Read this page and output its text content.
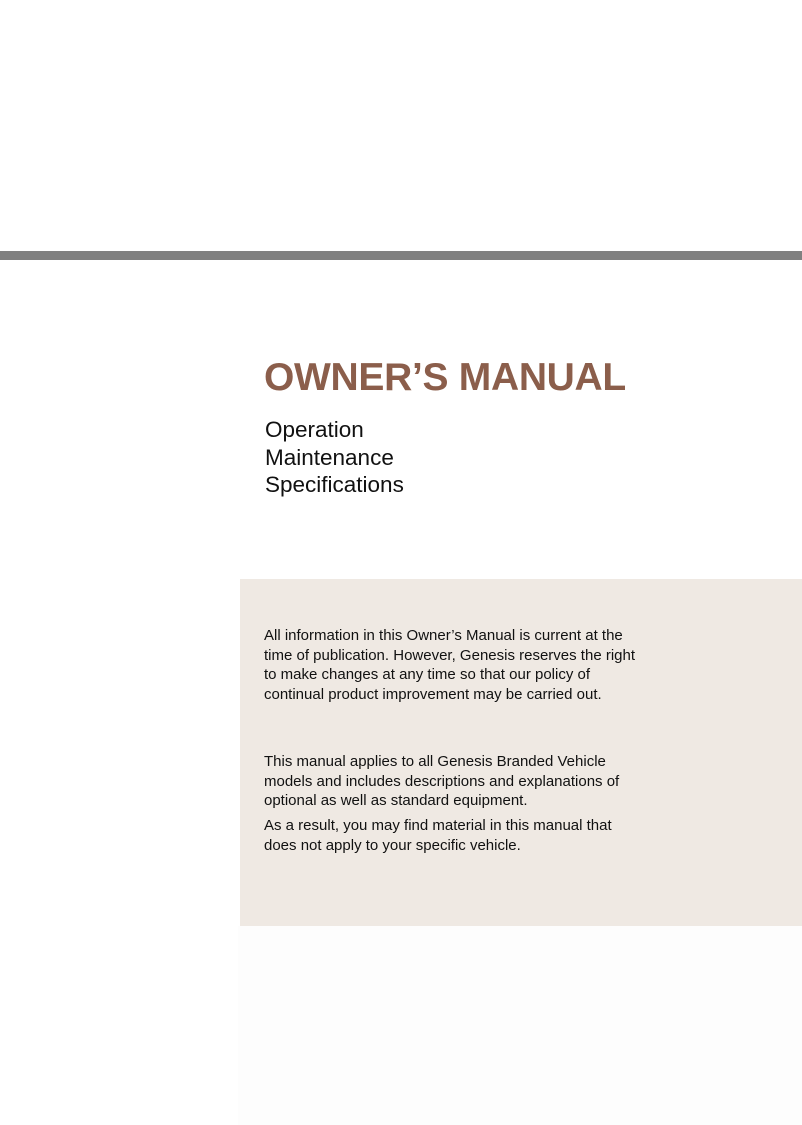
OWNER’S MANUAL
Operation
Maintenance
Specifications

All information in this Owner’s Manual is current at the time of publication. However, Genesis reserves the right to make changes at any time so that our policy of continual product improvement may be carried out.

This manual applies to all Genesis Branded Vehicle models and includes descriptions and explanations of optional as well as standard equipment.

As a result, you may find material in this manual that does not apply to your specific vehicle.
